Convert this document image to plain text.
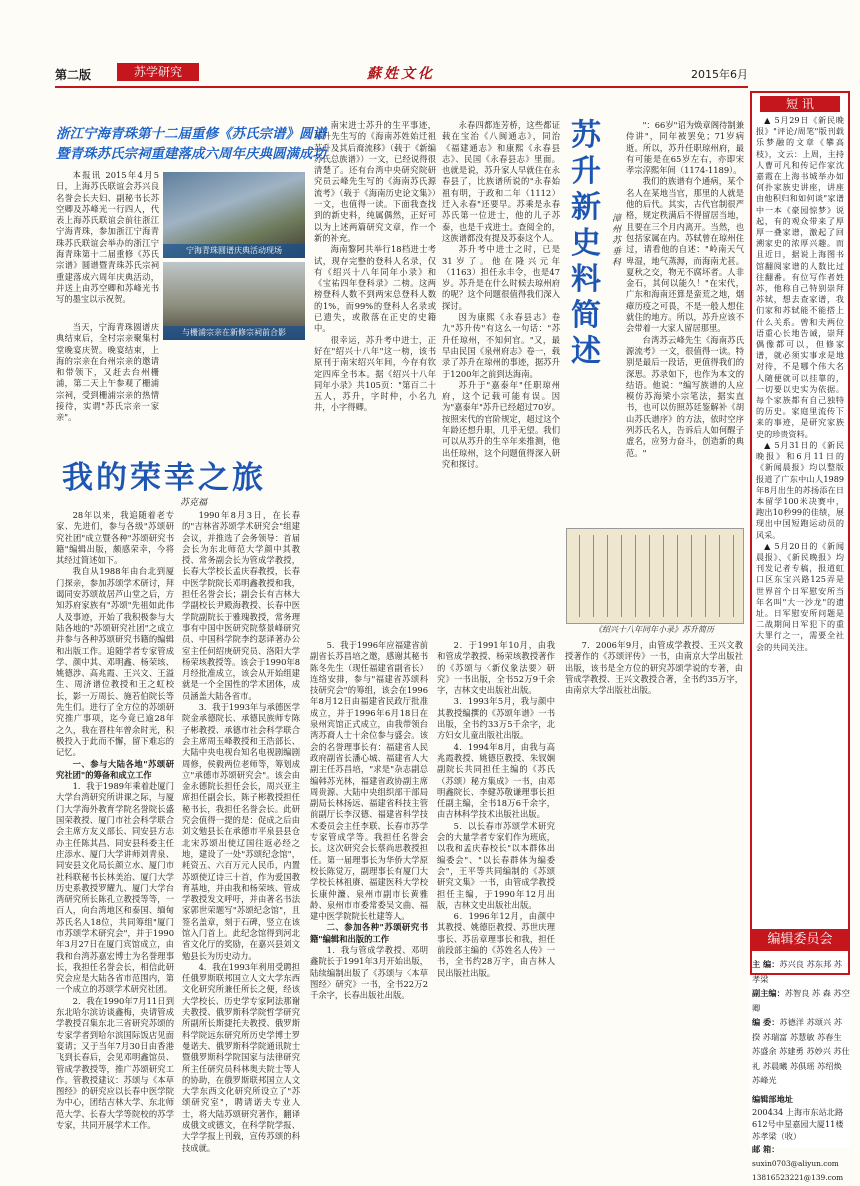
第二版	苏学研究	蘇姓文化	2015年6月
浙江宁海青珠第十二届重修《苏氏宗谱》圆谱
暨青珠苏氏宗祠重建落成六周年庆典圆满成功

本报讯 2015年4月5日，上海苏氏联谊会苏兴良名誉会长夫妇、副秘书长苏空卿及苏峰光一行四人，代表上海苏氏联谊会前往浙江宁海青珠，参加浙江宁海青珠苏氏联谊会举办的浙江宁海青珠第十二届重修《苏氏宗谱》圆谱暨青珠苏氏宗祠重建落成六周年庆典活动，并送上由苏空卿和苏峰光书写的墨宝以示祝贺。

宁海青珠圆谱庆典活动现场
与栅浦宗亲在新修宗祠前合影

当天，宁海青珠圆谱庆典结束后，全村宗亲聚集村堂晚宴庆贺。晚宴结束，上海的宗亲在台州宗亲的邀请和带领下，又赶去台州栅浦，第二天上午参观了栅浦宗祠，受到栅浦宗亲的热情接待，实谓"苏氏宗亲一家亲"。

我的荣幸之旅
苏克福

28年以来，我追随着老专家、先进们，参与各级"苏颂研究社团"成立暨各种"苏颂研究书籍"编辑出版，颇感荣幸，今将其经过简述如下。

我自从1988年由台北到厦门探亲，参加苏颂学术研讨，拜谒同安苏颂故居芦山堂之后，方知苏府家族有"苏颂"先祖如此伟人及事迹，开始了我积极参与大陆各地的"苏颂研究社团"之成立并参与各种苏颂研究书籍的编辑和出版工作。追随学者专家管成学、颜中其、邓明鑫、杨荣垓、姚德涉、高兆霞、王兴文、王溢生、周济谱位教授和王之虹校长，影一万周长、施若伯院长等先生们。进行了全方位的苏颂研究推广事项，迄今竟已逾28年之久，我在晋柱年曾余时光，积极投入于此而不懈，留下难忘的记忆。

一、参与大陆各地"苏颂研究社团"的筹备和成立工作

1．我于1989年乘着赴厦门大学台湾研究所讲课之际，与厦门大学海外教育学院名誉院长盛国荣教授、厦门市社会科学联合会主席方友义部长、同安县方志办主任陈其昌、同安县科委主任庄添水、厦门大学讲师刘青泉、同安县文化局长颜立水、厦门市社科联秘书长林美治、厦门大学历史系教授罗耀九、厦门大学台湾研究所长陈孔立教授等等，一百人，向台湾地区和泰国、缅甸苏氏名人18位，共同筹组"厦门市苏颂学术研究会"，并于1990年3月27日在厦门宾馆成立，由我和台湾苏嘉宏博士为名誉理事长，我担任名誉会长，相信此研究会应是大陆各省市范围内，第一个成立的苏颂学术研究社团。

2．我在1990年7月11日到东北哈尔滨访谈鑫梅，央请管成学教授召集东北三省研究苏颂的专家学者到哈尔滨国际饭店见面宴请；又于当年7月30日由香港飞到长春后，会见邓明鑫馆员、管成学教授等，推广苏颂研究工作。管教授建议：苏颂与《本草图经》的研究应以长春中医学院为中心，团结吉林大学、东北师范大学、长春大学等院校的苏学专家，共同开展学术工作。

1990年8月3日，在长春的"吉林省苏颂学术研究会"组建会议，并推选了会务领导：首届会长为东北师范大学颜中其教授、常务副会长为管成学教授，长春大学校长孟庆春教授，长春中医学院院长邓明鑫教授和我，担任名誉会长；副会长有吉林大学副校长尹殿海教授、长春中医学院副院长于雅瑰教授，常务理事有中国中医研究院蔡景峰研究员、中国科学院李约瑟译著办公室主任何绍庚研究员、洛阳大学杨荣垓教授等。该会于1990年8月经批准成立，该会从开始组建就是一个全国性的学术团体，成员涵盖大陆各省市。

3．我于1993年与承德医学院金承德院长、承德民族师专陈子彬教授、承德市社会科学联合会主席周玉峰教授和王浩部长、大陆中央电视台知名电视剧编剧周修，侯毅两位老师等，筹划成立"承德市苏颂研究会"。该会由金永德院长担任会长，周兴亚主席担任副会长，陈子彬教授担任秘书长，我担任名誉会长。此研究会值得一提的是：促成之后由刘文勉县长在承德市平泉县县仓北宋苏颂出使辽国往返必经之地，建设了一处"苏颂纪念馆"，耗资五、六百万元人民币，内置苏颂使辽诗三十首，作为爱国教育基地，并由我和杨荣垓、管成学教授发文呼吁，并由著名书法家郭世荣题写"苏颂纪念馆"，且签名盖章，刻于石碑，竖立在该馆入门首上。此纪念馆得到河北省文化厅的奖励，在嘉兴县刘文勉县长为历史动力。

4．我在1993年利用受聘担任俄罗斯联邦国立人文大学东西文化研究所兼任所长之便，经该大学校长、历史学专家阿法那谢夫教授、俄罗斯科学院哲学研究所副所长斯捷托夫教授、俄罗斯科学院远东研究所历史学博士罗曼诺夫、俄罗斯科学院通讯院士暨俄罗斯科学院国家与法律研究所主任研究员科林奥夫院士等人的协助，在俄罗斯联邦国立人文大学东西文化研究所设立了"苏颂研究室"，聘请诺夫专业人士，将大陆苏颂研究著作，翻译成俄文或德文，在科学院学报、大学学报上刊载，宣传苏颂的科技成就。

5．我于1996年应福建省前副省长苏昌培之邀，感谢其秘书陈冬先生（现任福建省副省长）连络安排，参与"福建省苏颂科技研究会"的筹组，该会在1996年8月12日由福建省民政厅批准成立，并于1996年6月18日在泉州宾馆正式成立，由我带领台湾苏裔人士十余位参与盛会。该会的名誉理事长有：福建省人民政府副省长潘心城、福建省人大副主任苏昌培，"求是"杂志副总编韩苏光林，福建省政协副主席周贵源、大陆中央组织部干部局副局长林扬远、福建省科技主管前副厅长李汉德、福建省科学技术委员会主任李联、长春市苏学专家管成学等。我担任名誉会长。这次研究会长蔡尚思教授担任。第一届理事长为华侨大学原校长陈觉万，副理事长有厦门大学校长林祖赓、福建医科大学校长康仲濂、泉州市副市长黄雅龄、泉州市市委常委吴文曲、福建中医学院院长杜建等人。

二、参加各种"苏颂研究书籍"编辑和出版的工作

1．我与管成学教授、邓明鑫院长于1991年3月开始出版，陆续编制出版了《苏颂与〈本草图经〉研究》一书，全书22万2千余字，长春出版社出版。

2．于1991年10月，由我和管成学教授、杨荣垓教授著作的《苏颂与〈新仪象法要〉研究》一书出版，全书52万9千余字，吉林文史出版社出版。

3．1993年5月，我与颜中其教授编撰的《苏颂年谱》一书出版，全书约33万5千余字，北方妇女儿童出版社出版。

4．1994年8月，由我与高兆霞教授、姚德臣教授、朱钗娴副院长共同担任主编的《苏氏（苏颂）秘方集成》一书，由邓明鑫院长、李健苏敬谦理事长担任副主编，全书18万6千余字，由吉林科学技术出版社出版。

5．以长春市苏颂学术研究会的大量学者专家们作为班底，以我和孟庆春校长"以本群体出编委会"、"以长春群体为编委会"，王平等共同编制的《苏颂研究文集》一书，由管成学教授担任主编，于1990年12月出版，吉林文史出版社出版。

6．1996年12月，由颜中其教授、姚德臣教授、苏世庆理事长、苏岳章理事长和我，担任前段部主编的《苏姓名人传》一书，全书约28万字，由吉林人民出版社出版。

7．2006年9月，由管成学教授、王兴文教授著作的《苏颂评传》一书，由南京大学出版社出版，该书是全方位的研究苏颂学说的专著，由管成学教授、王兴文教授合著，全书约35万字，由南京大学出版社出版。

南宋进士苏升的生平事迹，苏升先生写的《海南苏姓始迁祖苏升及其后裔流移》（载于《新编苏氏总族谱》）一文，已经说得很清楚了。还有台湾中央研究院研究员云峰先生写的《海南苏氏源流考》（载于《海南历史论文集》）一文，也值得一读。下面我查找到的新史料，纯属偶然，正好可以为上述两篇研究文章，作一个新的补充。

海南黎阿共举行18档进士考试，现存完整的登科人名录，仅有《绍兴十八年同年小录》和《宝祐四年登科录》二榜。这两榜登科人数不到两宋总登科人数的1%，而99%的登科人名录或已遗失，或散落在正史的史籍中。

很幸运，苏升考中进士，正好在"绍兴十八年"这一榜，该书原刊于南宋绍兴年间，今存有钦定四库全书本。据《绍兴十八年同年小录》共105页："第百二十五人，苏升，字时仲，小名九井，小字得卿。

永春四都连芳桥，这些都证载在宝治《八闽通志》，同治《福建通志》和康熙《永春县志》、民国《永春县志》里面。也就是说，苏升家人早就住在永春县了，比族谱所说的"永春始祖有明，于政和二年（1112）迁入永春"还要早。苏乘是永春苏氏第一位进士，他的儿子苏泰，也是千戎进士。查阅全的，这族谱都没有提及苏泰这个人。

苏升考中进士之时，已是31岁了。他在隆兴元年（1163）担任永丰令，也是47岁。苏升是在什么时候去琼州府的呢？这个问题很值得我们深入探讨。

因为康熙《永春县志》卷九"苏升传"有这么一句话："苏升任琼州，不知何官。"又，最早由民国《泉州府志》卷一，载录了苏升在琼州的事迹，据苏升于1200年之前到达海南。

苏升于"嘉泰年"任职琼州府，这个记载可能有误。因为"嘉泰年"苏升已经超过70岁。按照宋代的官阶规定，超过这个年龄还想升职，几乎无望。我们可以从苏升的生卒年来推测，他出任琼州，这个问题值得深入研究和探讨。

苏升新史料简述
漳州 苏垂科

"：66岁"诏为焕章阁待制兼侍讲"，同年被罢免；71岁病逝。所以，苏升任职琼州府，最有可能是在65岁左右，亦即宋孝宗淳熙年间（1174-1189）。

我们的族谱有个通病，某个名人在某地当官，那里的人就是他的后代。其实，古代官制很严格，规定秩满后不得留居当地，且要在三个月内离开。当然，也包括家属在内。苏轼曾在琼州住过，请看他的自述："岭南天气卑湿，地气蒸溽，而海南尤甚。夏秋之交，物无不腐坏者。人非金石，其何以能久！"在宋代，广东和海南还算是蛮荒之地，烟瘴历疫之可畏，不是一般人想住就住的地方。所以，苏升应该不会带着一大家人留居那里。

台湾苏云峰先生《海南苏氏源流考》一文，很值得一读。特别是最后一段话，更值得我们的深思。苏录如下，也作为本文的结语。他说："编写族谱的人应模仿苏海梁小宗笔法，据实直书，也可以仿照苏廷鉴解补《胡山苏氏谱序》的方法，依时空序列苏氏名人，告诉后人如何醒子虚名，应努力奋斗，创造新的典范。"

《绍兴十八年同年小录》苏升简历
短 讯

▲ 5月29日《新民晚报》"评论/周笔"版刊载乐梦融的文章《攀高枝》，文云：上周，主持人曹可凡和传记作家沈嘉霞在上海书城举办如何扑家族史讲座，讲座由他积归和如何谈"家谱中一本《豪园惊梦》说起，有的观众带来了厚厚一叠家谱，激起了回溯家史的浓厚兴趣。而且近日，据说上海图书馆翻阅家谱的人数比过往翻番。有位写作者姓苏，他称自己特别崇拜苏轼，想去查家谱，我们家和苏轼能不能搭上什么关系。曾和夫两位语重心长地告诫，崇拜偶像都可以，但修家谱，就必须实事求是地对待，不是哪个伟大名人随便就可以挂靠的，一切要以史实为依据。每个家族都有自己独特的历史。家庭里流传下来的事迹，是研究家族史的珍贵资料。

▲ 5月31日的《新民晚报》和6月11日的《新闻晨报》均以整版报道了广东中山人1989年8月出生的苏扬添在日本留学100米决赛中，跑出10秒99的佳绩，展现出中国短跑运动员的风采。

▲ 5月20日的《新闻晨报》、《新民晚报》均刊发记者专稿，报道虹口区东宝兴路125弄是世界首个日军慰安所当年名叫"大一沙龙"的遗址。日军慰安所问题是二战期间日军犯下的重大罪行之一，需要全社会的共同关注。

编辑委员会

主 编：苏兴良 苏东邦 苏孝梁

副主编：苏智良 苏 森 苏空卿

编 委：苏德洋 苏颂兴 苏 揆 苏瑞富 苏慧敏 苏春生 苏盛余 苏建勇 苏妙兴 苏仕礼 苏晨曦 苏俱瑶 苏绍焕 苏峰光

编辑部地址

200434 上海市东站北路612号中星嘉园大厦11楼苏孝梁（收）

邮 箱：

suxin0703@aliyun.com

13816523221@139.com
